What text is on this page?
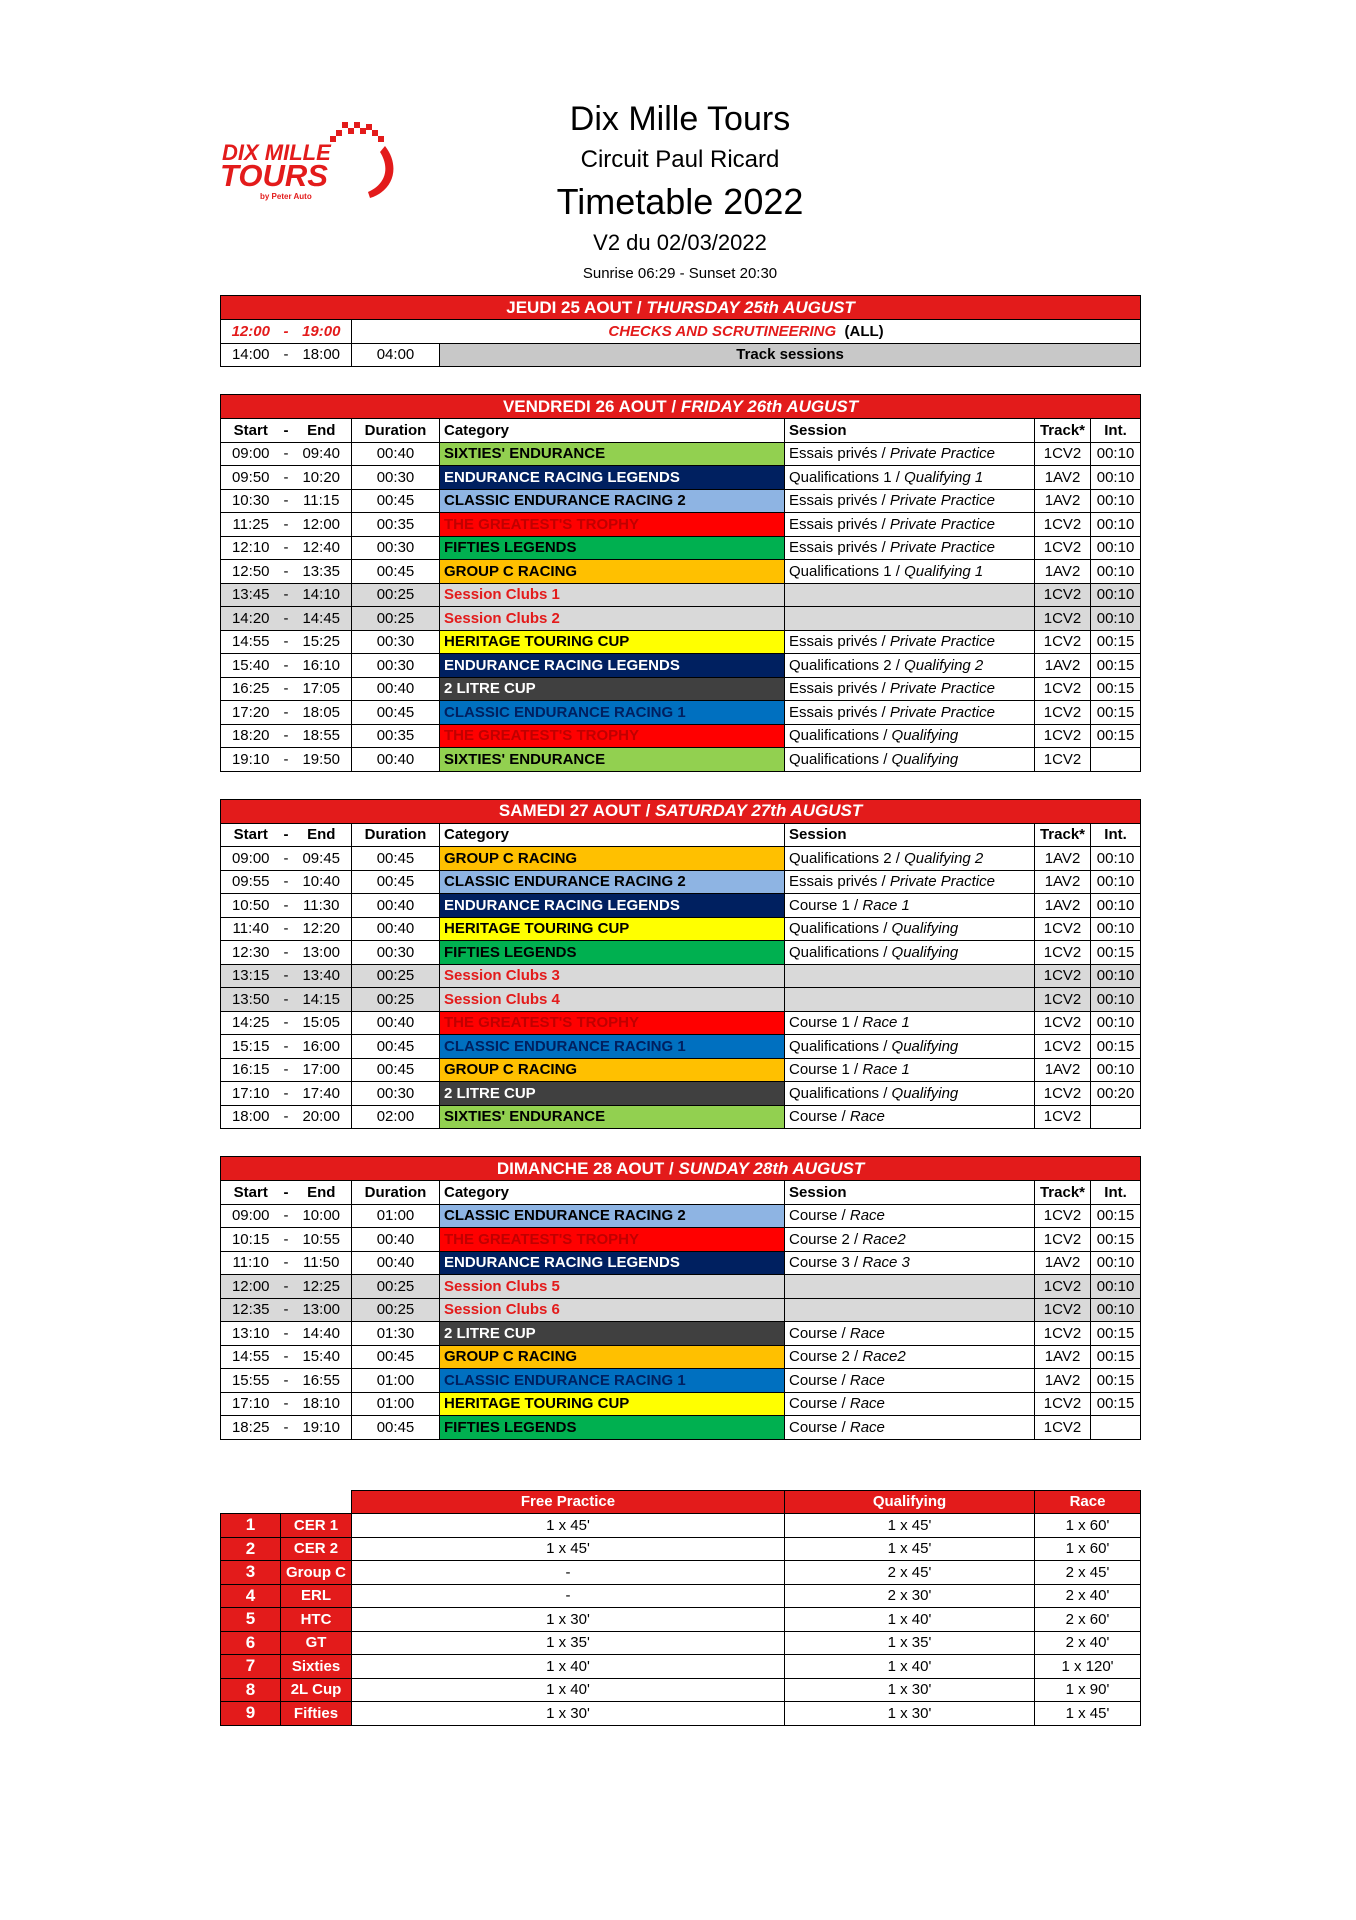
DIX MILLE
TOURS
by Peter Auto
Dix Mille Tours
Circuit Paul Ricard
Timetable 2022
V2 du 02/03/2022
Sunrise 06:29 - Sunset 20:30
JEUDI 25 AOUT / THURSDAY 25th AUGUST				
12:00	-	19:00	CHECKS AND SCRUTINEERING (ALL)	
14:00	-	18:00	04:00	Track sessions
VENDREDI 26 AOUT / FRIDAY 26th AUGUST							
Start	-	End	Duration	Category	Session	Track*	Int.
09:00	-	09:40	00:40	SIXTIES' ENDURANCE	Essais privés / Private Practice	1CV2	00:10
09:50	-	10:20	00:30	ENDURANCE RACING LEGENDS	Qualifications 1 / Qualifying 1	1AV2	00:10
10:30	-	11:15	00:45	CLASSIC ENDURANCE RACING 2	Essais privés / Private Practice	1AV2	00:10
11:25	-	12:00	00:35	THE GREATEST'S TROPHY	Essais privés / Private Practice	1CV2	00:10
12:10	-	12:40	00:30	FIFTIES LEGENDS	Essais privés / Private Practice	1CV2	00:10
12:50	-	13:35	00:45	GROUP C RACING	Qualifications 1 / Qualifying 1	1AV2	00:10
13:45	-	14:10	00:25	Session Clubs 1		1CV2	00:10
14:20	-	14:45	00:25	Session Clubs 2		1CV2	00:10
14:55	-	15:25	00:30	HERITAGE TOURING CUP	Essais privés / Private Practice	1CV2	00:15
15:40	-	16:10	00:30	ENDURANCE RACING LEGENDS	Qualifications 2 / Qualifying 2	1AV2	00:15
16:25	-	17:05	00:40	2 LITRE CUP	Essais privés / Private Practice	1CV2	00:15
17:20	-	18:05	00:45	CLASSIC ENDURANCE RACING 1	Essais privés / Private Practice	1CV2	00:15
18:20	-	18:55	00:35	THE GREATEST'S TROPHY	Qualifications / Qualifying	1CV2	00:15
19:10	-	19:50	00:40	SIXTIES' ENDURANCE	Qualifications / Qualifying	1CV2	
SAMEDI 27 AOUT / SATURDAY 27th AUGUST							
Start	-	End	Duration	Category	Session	Track*	Int.
09:00	-	09:45	00:45	GROUP C RACING	Qualifications 2 / Qualifying 2	1AV2	00:10
09:55	-	10:40	00:45	CLASSIC ENDURANCE RACING 2	Essais privés / Private Practice	1AV2	00:10
10:50	-	11:30	00:40	ENDURANCE RACING LEGENDS	Course 1 / Race 1	1AV2	00:10
11:40	-	12:20	00:40	HERITAGE TOURING CUP	Qualifications / Qualifying	1CV2	00:10
12:30	-	13:00	00:30	FIFTIES LEGENDS	Qualifications / Qualifying	1CV2	00:15
13:15	-	13:40	00:25	Session Clubs 3		1CV2	00:10
13:50	-	14:15	00:25	Session Clubs 4		1CV2	00:10
14:25	-	15:05	00:40	THE GREATEST'S TROPHY	Course 1 / Race 1	1CV2	00:10
15:15	-	16:00	00:45	CLASSIC ENDURANCE RACING 1	Qualifications / Qualifying	1CV2	00:15
16:15	-	17:00	00:45	GROUP C RACING	Course 1 / Race 1	1AV2	00:10
17:10	-	17:40	00:30	2 LITRE CUP	Qualifications / Qualifying	1CV2	00:20
18:00	-	20:00	02:00	SIXTIES' ENDURANCE	Course / Race	1CV2	
DIMANCHE 28 AOUT / SUNDAY 28th AUGUST							
Start	-	End	Duration	Category	Session	Track*	Int.
09:00	-	10:00	01:00	CLASSIC ENDURANCE RACING 2	Course / Race	1CV2	00:15
10:15	-	10:55	00:40	THE GREATEST'S TROPHY	Course 2 / Race2	1CV2	00:15
11:10	-	11:50	00:40	ENDURANCE RACING LEGENDS	Course 3 / Race 3	1AV2	00:10
12:00	-	12:25	00:25	Session Clubs 5		1CV2	00:10
12:35	-	13:00	00:25	Session Clubs 6		1CV2	00:10
13:10	-	14:40	01:30	2 LITRE CUP	Course / Race	1CV2	00:15
14:55	-	15:40	00:45	GROUP C RACING	Course 2 / Race2	1AV2	00:15
15:55	-	16:55	01:00	CLASSIC ENDURANCE RACING 1	Course / Race	1AV2	00:15
17:10	-	18:10	01:00	HERITAGE TOURING CUP	Course / Race	1CV2	00:15
18:25	-	19:10	00:45	FIFTIES LEGENDS	Course / Race	1CV2	
		Free Practice	Qualifying	Race
1	CER 1	1 x 45'	1 x 45'	1 x 60'
2	CER 2	1 x 45'	1 x 45'	1 x 60'
3	Group C	-	2 x 45'	2 x 45'
4	ERL	-	2 x 30'	2 x 40'
5	HTC	1 x 30'	1 x 40'	2 x 60'
6	GT	1 x 35'	1 x 35'	2 x 40'
7	Sixties	1 x 40'	1 x 40'	1 x 120'
8	2L Cup	1 x 40'	1 x 30'	1 x 90'
9	Fifties	1 x 30'	1 x 30'	1 x 45'
